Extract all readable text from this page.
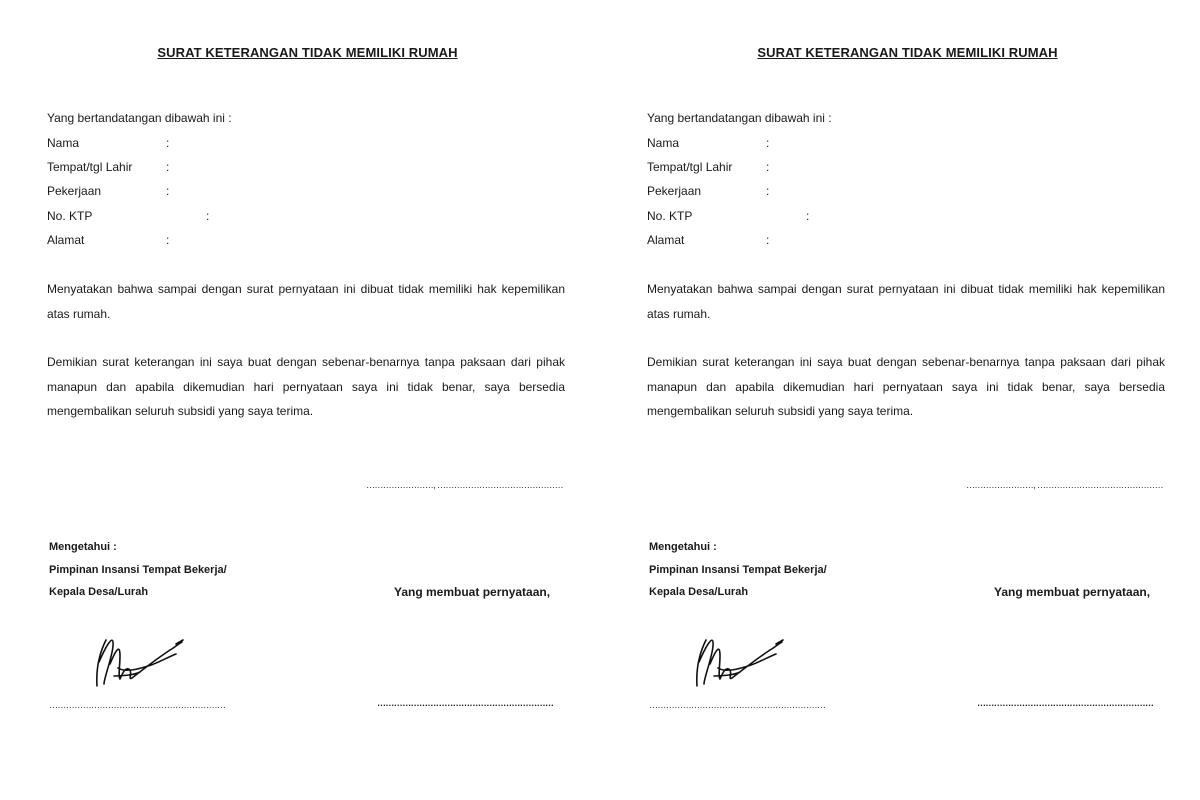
SURAT KETERANGAN TIDAK MEMILIKI RUMAH
Yang bertandatangan dibawah ini :
Nama	:
Tempat/tgl Lahir	:
Pekerjaan	:
No. KTP	:
Alamat	:
Menyatakan bahwa sampai dengan surat pernyataan ini dibuat tidak memiliki hak kepemilikan atas rumah.
Demikian surat keterangan ini saya buat dengan sebenar-benarnya tanpa paksaan dari pihak manapun dan apabila dikemudian hari pernyataan saya ini tidak benar, saya bersedia mengembalikan seluruh subsidi yang saya terima.
……………………, ………………………………………
Mengetahui :
Pimpinan Insansi Tempat Bekerja/
Kepala Desa/Lurah	Yang membuat pernyataan,
………………………………………………………	………………………………………………………
SURAT KETERANGAN TIDAK MEMILIKI RUMAH
Yang bertandatangan dibawah ini :
Nama	:
Tempat/tgl Lahir	:
Pekerjaan	:
No. KTP	:
Alamat	:
Menyatakan bahwa sampai dengan surat pernyataan ini dibuat tidak memiliki hak kepemilikan atas rumah.
Demikian surat keterangan ini saya buat dengan sebenar-benarnya tanpa paksaan dari pihak manapun dan apabila dikemudian hari pernyataan saya ini tidak benar, saya bersedia mengembalikan seluruh subsidi yang saya terima.
……………………, ………………………………………
Mengetahui :
Pimpinan Insansi Tempat Bekerja/
Kepala Desa/Lurah	Yang membuat pernyataan,
………………………………………………………	………………………………………………………
